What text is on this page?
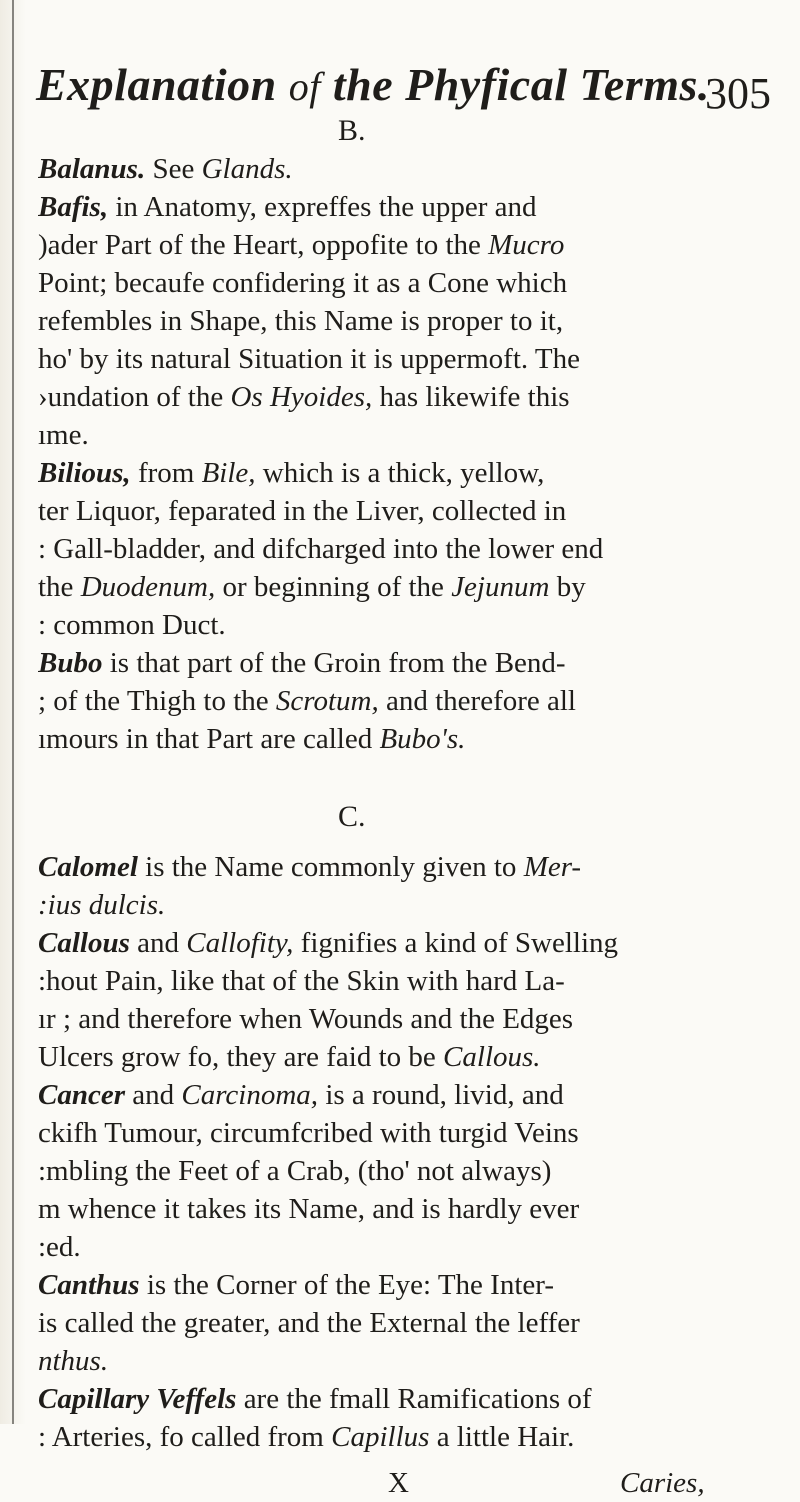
Explanation of the Phyfical Terms.
305
B.
Balanus. See Glands.
Bafis, in Anatomy, expreffes the upper and
)ader Part of the Heart, oppofite to the Mucro
Point; becaufe confidering it as a Cone which
refembles in Shape, this Name is proper to it,
ho' by its natural Situation it is uppermoft. The
›undation of the Os Hyoides, has likewife this
ıme.
Bilious, from Bile, which is a thick, yellow,
ter Liquor, feparated in the Liver, collected in
: Gall-bladder, and difcharged into the lower end
the Duodenum, or beginning of the Jejunum by
: common Duct.
Bubo is that part of the Groin from the Bend-
; of the Thigh to the Scrotum, and therefore all
ımours in that Part are called Bubo's.
C.
Calomel is the Name commonly given to Mer-
:ius dulcis.
Callous and Callofity, fignifies a kind of Swelling
:hout Pain, like that of the Skin with hard La-
ır ; and therefore when Wounds and the Edges
Ulcers grow fo, they are faid to be Callous.
Cancer and Carcinoma, is a round, livid, and
ckifh Tumour, circumfcribed with turgid Veins
:mbling the Feet of a Crab, (tho' not always)
m whence it takes its Name, and is hardly ever
:ed.
Canthus is the Corner of the Eye: The Inter-
is called the greater, and the External the leffer
nthus.
Capillary Veffels are the fmall Ramifications of
: Arteries, fo called from Capillus a little Hair.
X	Caries,
